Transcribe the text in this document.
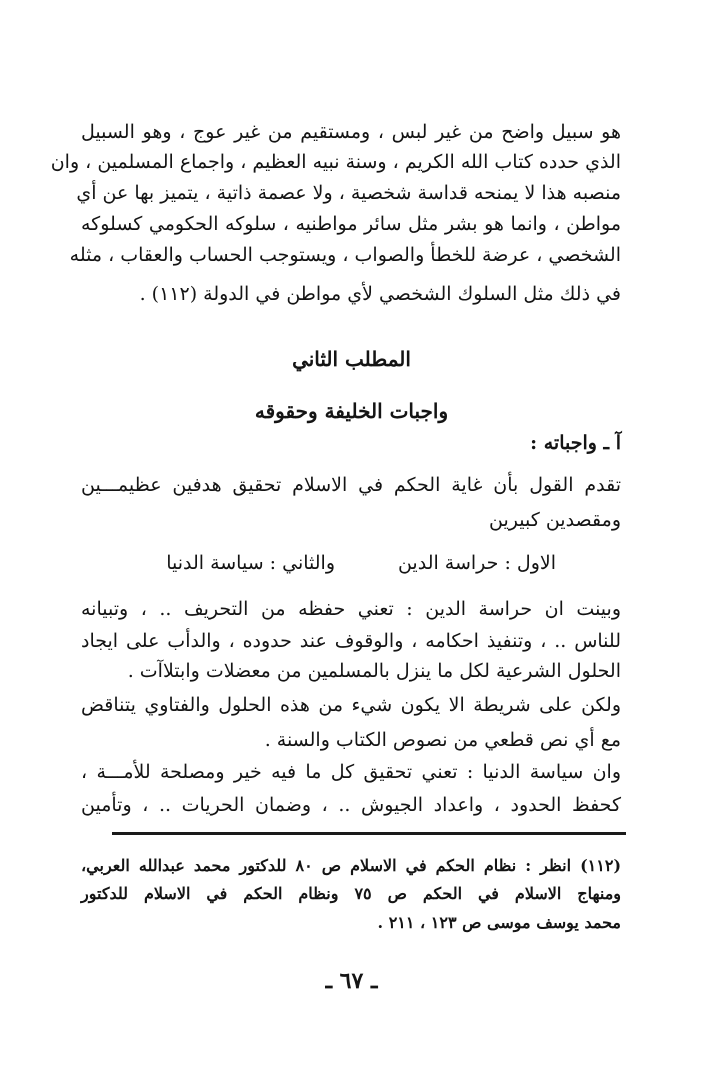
هو سبيل واضح من غير لبس ، ومستقيم من غير عوج ، وهو السبيل
الذي حدده كتاب الله الكريم ، وسنة نبيه العظيم ، واجماع المسلمين ، وان
منصبه هذا لا يمنحه قداسة شخصية ، ولا عصمة ذاتية ، يتميز بها عن أي
مواطن ، وانما هو بشر مثل سائر مواطنيه ، سلوكه الحكومي كسلوكه
الشخصي ، عرضة للخطأ والصواب ، ويستوجب الحساب والعقاب ، مثله
في ذلك مثل السلوك الشخصي لأي مواطن في الدولة (١١٢) .
المطلب الثاني
واجبات الخليفة وحقوقه
آ ـ واجباته :
تقدم القول بأن غاية الحكم في الاسلام تحقيق هدفين عظيمـــين
ومقصدين كبيرين
الاول : حراسة الدين
والثاني : سياسة الدنيا
وبينت ان حراسة الدين : تعني حفظه من التحريف .. ، وتبيانه
للناس .. ، وتنفيذ احكامه ، والوقوف عند حدوده ، والدأب على ايجاد
الحلول الشرعية لكل ما ينزل بالمسلمين من معضلات وابتلاآت .
ولكن على شريطة الا يكون شيء من هذه الحلول والفتاوي يتناقض
مع أي نص قطعي من نصوص الكتاب والسنة .
وان سياسة الدنيا : تعني تحقيق كل ما فيه خير ومصلحة للأمـــة ،
كحفظ الحدود ، واعداد الجيوش .. ، وضمان الحريات .. ، وتأمين
(١١٢) انظر : نظام الحكم في الاسلام ص ٨٠ للدكتور محمد عبدالله العربي،
ومنهاج الاسلام في الحكم ص ٧٥ ونظام الحكم في الاسلام للدكتور
محمد يوسف موسى ص ١٢٣ ، ٢١١ .
ـ ٦٧ ـ
